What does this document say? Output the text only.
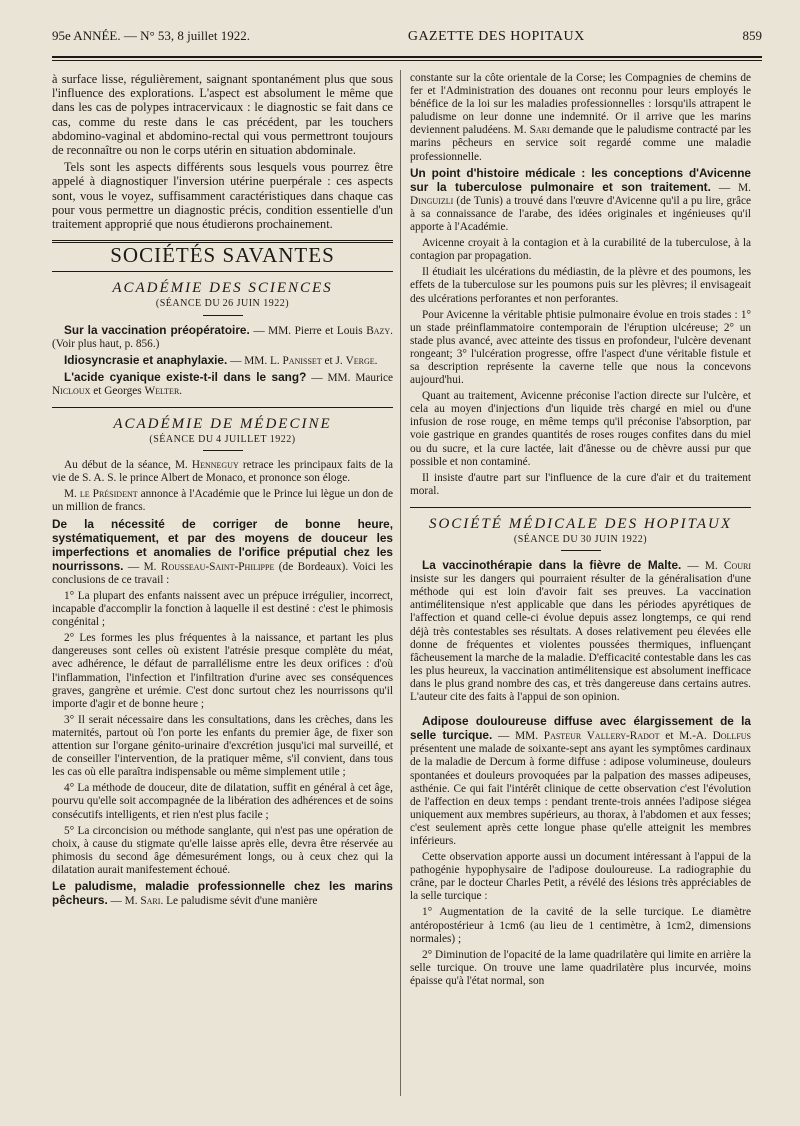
95e ANNÉE. — N° 53, 8 juillet 1922.	GAZETTE DES HOPITAUX	859

à surface lisse, régulièrement, saignant spontanément plus que sous l'influence des explorations. L'aspect est absolument le même que dans les cas de polypes intracervicaux : le diagnostic se fait dans ce cas, comme du reste dans le cas précédent, par les touchers abdomino-vaginal et abdomino-rectal qui vous permettront toujours de reconnaître ou non le corps utérin en situation abdominale.

Tels sont les aspects différents sous lesquels vous pourrez être appelé à diagnostiquer l'inversion utérine puerpérale : ces aspects sont, vous le voyez, suffisamment caractéristiques dans chaque cas pour vous permettre un diagnostic précis, condition essentielle d'un traitement approprié que nous étudierons prochainement.

SOCIÉTÉS SAVANTES
ACADÉMIE DES SCIENCES
(SÉANCE DU 26 JUIN 1922)

Sur la vaccination préopératoire. — MM. Pierre et Louis Bazy. (Voir plus haut, p. 856.)

Idiosyncrasie et anaphylaxie. — MM. L. Panisset et J. Verge.

L'acide cyanique existe-t-il dans le sang? — MM. Maurice Nicloux et Georges Welter.

ACADÉMIE DE MÉDECINE
(SÉANCE DU 4 JUILLET 1922)

Au début de la séance, M. Henneguy retrace les principaux faits de la vie de S. A. S. le prince Albert de Monaco, et prononce son éloge.

M. le Président annonce à l'Académie que le Prince lui lègue un don de un million de francs.

De la nécessité de corriger de bonne heure, systématiquement, et par des moyens de douceur les imperfections et anomalies de l'orifice préputial chez les nourrissons. — M. Rousseau-Saint-Philippe (de Bordeaux). Voici les conclusions de ce travail :

1° La plupart des enfants naissent avec un prépuce irrégulier, incorrect, incapable d'accomplir la fonction à laquelle il est destiné : c'est le phimosis congénital ;

2° Les formes les plus fréquentes à la naissance, et partant les plus dangereuses sont celles où existent l'atrésie presque complète du méat, avec adhérence, le défaut de parrallélisme entre les deux orifices : d'où l'inflammation, l'infection et l'infiltration d'urine avec ses conséquences graves, gangrène et urémie. C'est donc surtout chez les nourrissons qu'il importe d'agir et de bonne heure ;

3° Il serait nécessaire dans les consultations, dans les crèches, dans les maternités, partout où l'on porte les enfants du premier âge, de fixer son attention sur l'organe génito-urinaire d'excrétion jusqu'ici mal surveillé, et de conseiller l'intervention, de la pratiquer même, s'il convient, dans tous les cas où elle paraîtra indispensable ou même simplement utile ;

4° La méthode de douceur, dite de dilatation, suffit en général à cet âge, pourvu qu'elle soit accompagnée de la libération des adhérences et de soins consécutifs intelligents, et rien n'est plus facile ;

5° La circoncision ou méthode sanglante, qui n'est pas une opération de choix, à cause du stigmate qu'elle laisse après elle, devra être réservée au phimosis du second âge démesurément longs, ou à ceux chez qui la dilatation aurait manifestement échoué.

Le paludisme, maladie professionnelle chez les marins pêcheurs. — M. Sari. Le paludisme sévit d'une manière

constante sur la côte orientale de la Corse; les Compagnies de chemins de fer et l'Administration des douanes ont reconnu pour leurs employés le bénéfice de la loi sur les maladies professionnelles : lorsqu'ils attrapent le paludisme on leur donne une indemnité. Or il arrive que les marins deviennent paludéens. M. Sari demande que le paludisme contracté par les marins pêcheurs en service soit regardé comme une maladie professionnelle.

Un point d'histoire médicale : les conceptions d'Avicenne sur la tuberculose pulmonaire et son traitement. — M. Dinguizli (de Tunis) a trouvé dans l'œuvre d'Avicenne qu'il a pu lire, grâce à sa connaissance de l'arabe, des idées originales et ingénieuses qu'il apporte à l'Académie.

Avicenne croyait à la contagion et à la curabilité de la tuberculose, à la contagion par propagation.

Il étudiait les ulcérations du médiastin, de la plèvre et des poumons, les effets de la tuberculose sur les poumons puis sur les plèvres; il envisageait des ulcérations perforantes et non perforantes.

Pour Avicenne la véritable phtisie pulmonaire évolue en trois stades : 1° un stade préinflammatoire contemporain de l'éruption ulcéreuse; 2° un stade plus avancé, avec atteinte des tissus en profondeur, l'ulcère devenant rongeant; 3° l'ulcération progresse, offre l'aspect d'une véritable fistule et sa description représente la caverne telle que nous la concevons aujourd'hui.

Quant au traitement, Avicenne préconise l'action directe sur l'ulcère, et cela au moyen d'injections d'un liquide très chargé en miel ou d'une infusion de rose rouge, en même temps qu'il préconise l'absorption, par voie gastrique en grandes quantités de roses rouges confites dans du miel ou du sucre, et la cure lactée, lait d'ânesse ou de chèvre aussi pur que possible et non contaminé.

Il insiste d'autre part sur l'influence de la cure d'air et du traitement moral.

SOCIÉTÉ MÉDICALE DES HOPITAUX
(SÉANCE DU 30 JUIN 1922)

La vaccinothérapie dans la fièvre de Malte. — M. Couri insiste sur les dangers qui pourraient résulter de la généralisation d'une méthode qui est loin d'avoir fait ses preuves. La vaccination antimélitensique n'est applicable que dans les périodes apyrétiques de l'affection et quand celle-ci évolue depuis assez longtemps, ce qui rend déjà très contestables ses résultats. A doses relativement peu élevées elle donne de fréquentes et violentes poussées thermiques, influençant fâcheusement la marche de la maladie. D'efficacité contestable dans les cas les plus heureux, la vaccination antimélitensique est absolument inefficace dans le plus grand nombre des cas, et très dangereuse dans certains autres. L'auteur cite des faits à l'appui de son opinion.

Adipose douloureuse diffuse avec élargissement de la selle turcique. — MM. Pasteur Vallery-Radot et M.-A. Dollfus présentent une malade de soixante-sept ans ayant les symptômes cardinaux de la maladie de Dercum à forme diffuse : adipose volumineuse, douleurs spontanées et douleurs provoquées par la palpation des masses adipeuses, asthénie. Ce qui fait l'intérêt clinique de cette observation c'est l'évolution de l'affection en deux temps : pendant trente-trois années l'adipose siégea uniquement aux membres supérieurs, au thorax, à l'abdomen et aux fesses; c'est seulement après cette longue phase qu'elle atteignit les membres inférieurs.

Cette observation apporte aussi un document intéressant à l'appui de la pathogénie hypophysaire de l'adipose douloureuse. La radiographie du crâne, par le docteur Charles Petit, a révélé des lésions très appréciables de la selle turcique :

1° Augmentation de la cavité de la selle turcique. Le diamètre antéropostérieur à 1cm6 (au lieu de 1 centimètre, à 1cm2, dimensions normales) ;

2° Diminution de l'opacité de la lame quadrilatère qui limite en arrière la selle turcique. On trouve une lame quadrilatère plus incurvée, moins épaisse qu'à l'état normal, son
